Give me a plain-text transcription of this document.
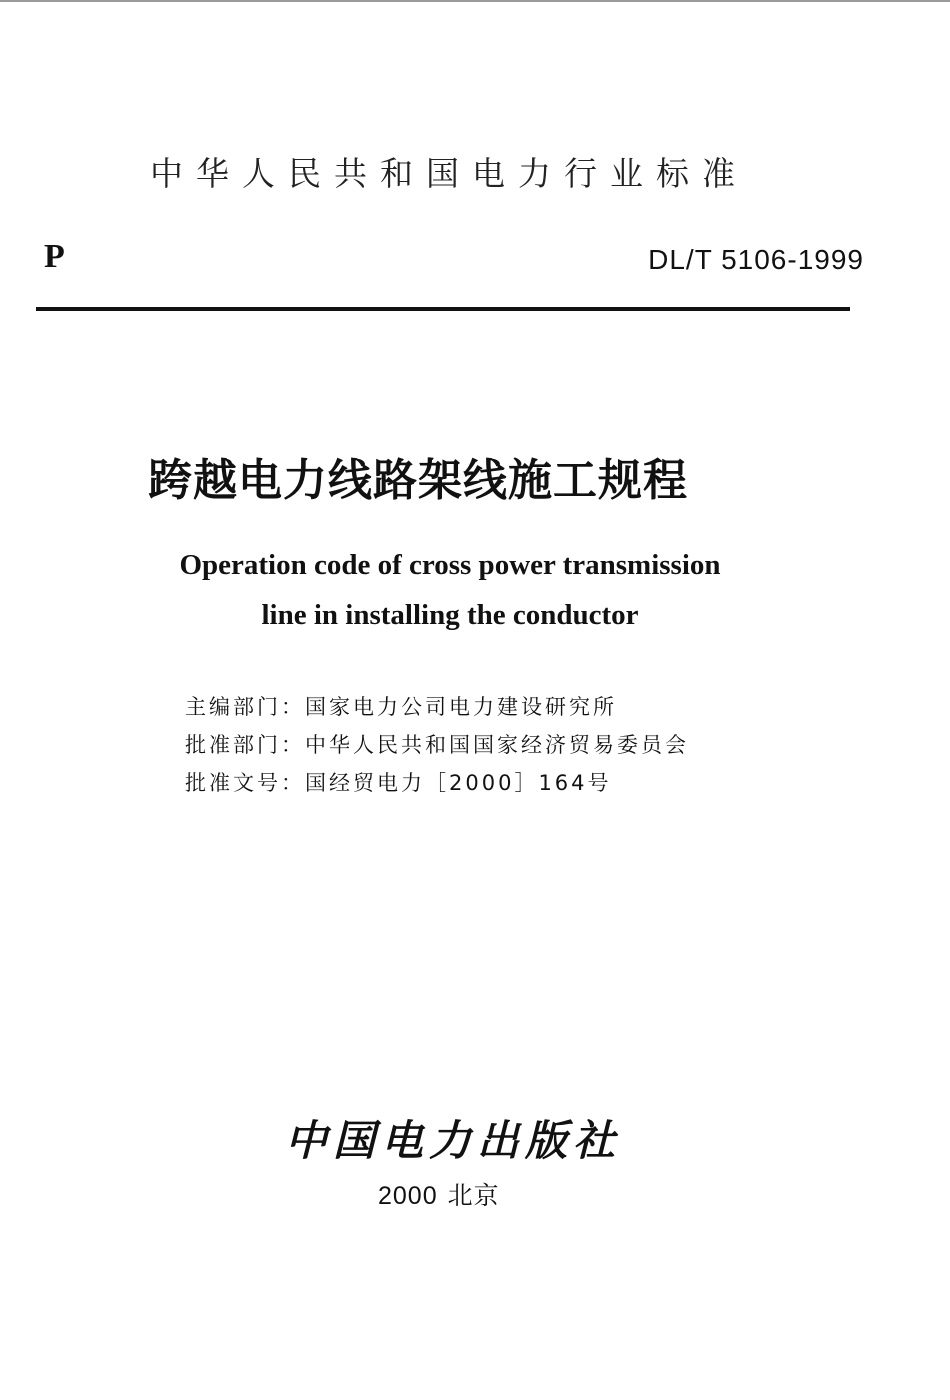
中华人民共和国电力行业标准
P	DL/T 5106-1999
跨越电力线路架线施工规程
Operation code of cross power transmission
line in installing the conductor
主编部门：国家电力公司电力建设研究所
批准部门：中华人民共和国国家经济贸易委员会
批准文号：国经贸电力［2000］164号
中国电力出版社
2000 北京
